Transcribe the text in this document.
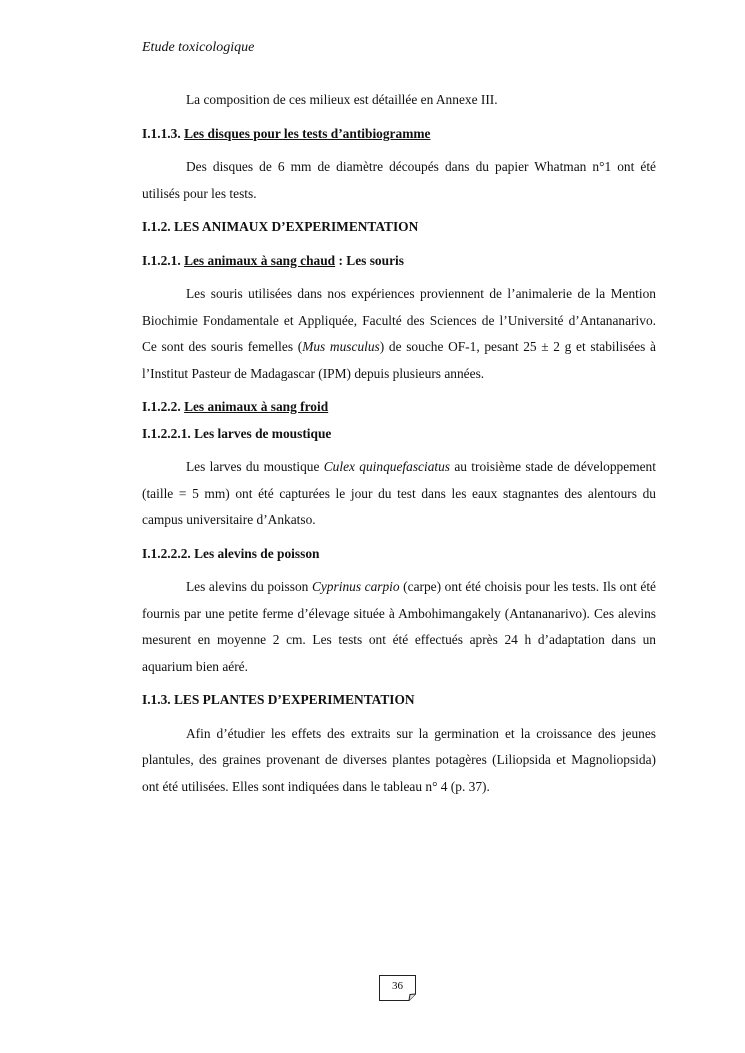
Etude toxicologique

La composition de ces milieux est détaillée en Annexe III.

I.1.1.3. Les disques pour les tests d’antibiogramme

Des disques de 6 mm de diamètre découpés dans du papier Whatman n°1 ont été utilisés pour les tests.

I.1.2. LES ANIMAUX D’EXPERIMENTATION

I.1.2.1. Les animaux à sang chaud : Les souris

Les souris utilisées dans nos expériences proviennent de l’animalerie de la Mention Biochimie Fondamentale et Appliquée, Faculté des Sciences de l’Université d’Antananarivo. Ce sont des souris femelles (Mus musculus) de souche OF-1, pesant 25 ± 2 g et stabilisées à l’Institut Pasteur de Madagascar (IPM) depuis plusieurs années.

I.1.2.2. Les animaux à sang froid

I.1.2.2.1. Les larves de moustique

Les larves du moustique Culex quinquefasciatus au troisième stade de développement (taille = 5 mm) ont été capturées le jour du test dans les eaux stagnantes des alentours du campus universitaire d’Ankatso.

I.1.2.2.2. Les alevins de poisson

Les alevins du poisson Cyprinus carpio (carpe) ont été choisis pour les tests. Ils ont été fournis par une petite ferme d’élevage située à Ambohimangakely (Antananarivo). Ces alevins mesurent en moyenne 2 cm. Les tests ont été effectués après 24 h d’adaptation dans un aquarium bien aéré.

I.1.3. LES PLANTES D’EXPERIMENTATION

Afin d’étudier les effets des extraits sur la germination et la croissance des jeunes plantules, des graines provenant de diverses plantes potagères (Liliopsida et Magnoliopsida) ont été utilisées. Elles sont indiquées dans le tableau n° 4 (p. 37).

36
